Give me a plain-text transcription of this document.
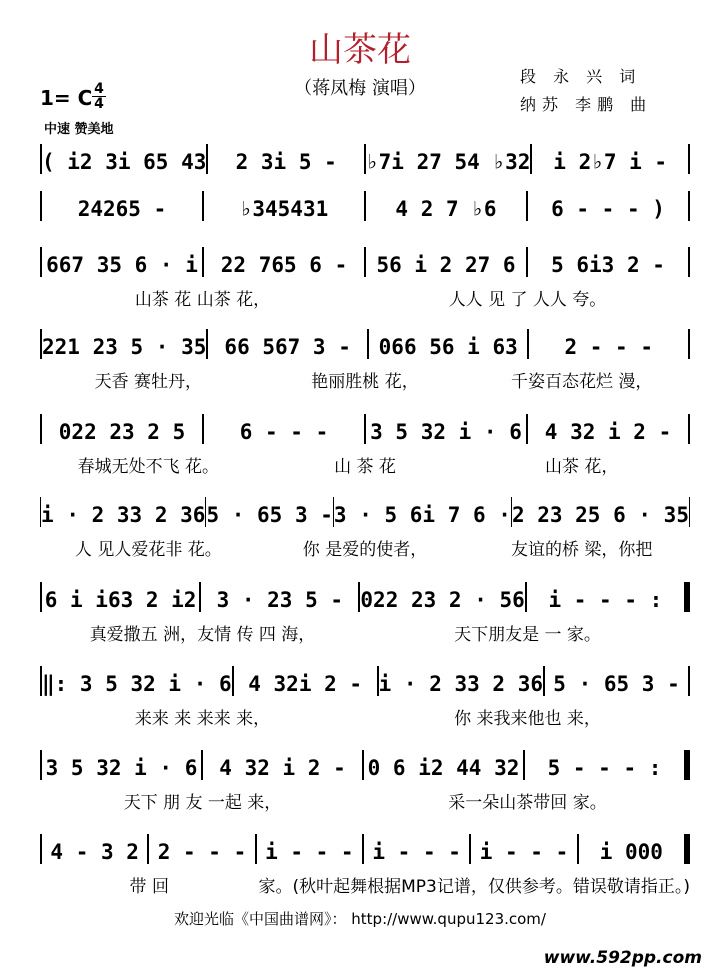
山茶花
（蒋凤梅 演唱）
段 永 兴 词
纳苏 李鹏 曲
1= C 4
4
中速 赞美地
( i2 3i 65 43	2 3i 5 -	♭7i 27 54 ♭32	i 2♭7 i -
24265 -	♭345431	4 2 7 ♭6	6 - - - )
667 35 6 · i	22 765 6 -	56 i 2 27 6	5 6i3 2 -
山茶 花 山茶 花，	人人 见 了 人人 夸。
221 23 5 · 35 66 567 3 -	066 56 i 63	2 - - -
天香 赛牡丹，	艳丽胜桃 花，	千姿百态花烂 漫，
022 23 2 5	6 - - -	3 5 32 i · 6	4 32 i 2 -
春城无处不飞 花。	山 茶 花	山茶 花，
i · 2 33 2 36 5 · 65 3 - 3 · 5 6i 7 6 · 2 23 25 6 · 35
人 见人爱花非 花。	你 是爱的使者，	友谊的桥 梁，你把
6 i i63 2 i2 3 · 23 5 - 022 23 2 · 56	i - - - :
真爱撒五 洲，友情 传 四 海，	天下朋友是 一 家。
‖: 3 5 32 i · 6 4 32i 2 - i · 2 33 2 36 5 · 65 3 -
来来 来 来来 来，	你 来我来他也 来，
3 5 32 i · 6	4 32 i 2 -	0 6 i2 44 32	5 - - - :
天下 朋 友 一起 来，	采一朵山茶带回 家。
4 - 3 2 2 - - - i - - - i - - - i - - -	i 000
带 回	家。(秋叶起舞根据MP3记谱，仅供参考。错误敬请指正。)
欢迎光临《中国曲谱网》： http://www.qupu123.com/
www.592pp.com
